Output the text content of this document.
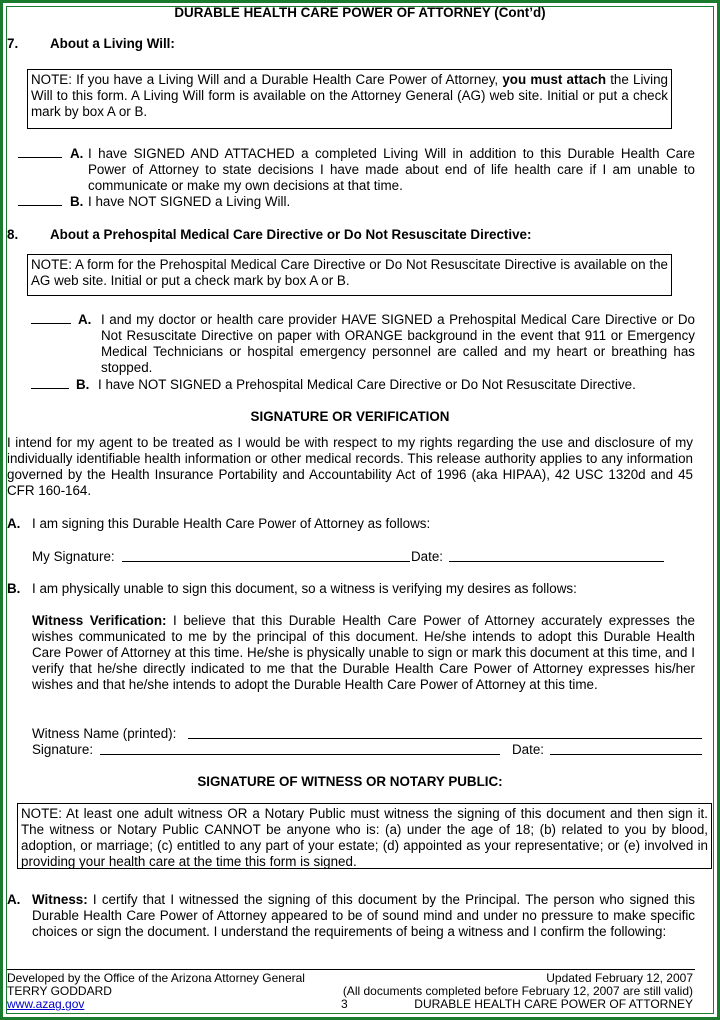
DURABLE HEALTH CARE POWER OF ATTORNEY (Cont’d)
7. About a Living Will:
NOTE: If you have a Living Will and a Durable Health Care Power of Attorney, you must attach the Living Will to this form. A Living Will form is available on the Attorney General (AG) web site. Initial or put a check mark by box A or B.
A. I have SIGNED AND ATTACHED a completed Living Will in addition to this Durable Health Care Power of Attorney to state decisions I have made about end of life health care if I am unable to communicate or make my own decisions at that time.
B. I have NOT SIGNED a Living Will.
8. About a Prehospital Medical Care Directive or Do Not Resuscitate Directive:
NOTE: A form for the Prehospital Medical Care Directive or Do Not Resuscitate Directive is available on the AG web site. Initial or put a check mark by box A or B.
A. I and my doctor or health care provider HAVE SIGNED a Prehospital Medical Care Directive or Do Not Resuscitate Directive on paper with ORANGE background in the event that 911 or Emergency Medical Technicians or hospital emergency personnel are called and my heart or breathing has stopped.
B. I have NOT SIGNED a Prehospital Medical Care Directive or Do Not Resuscitate Directive.
SIGNATURE OR VERIFICATION
I intend for my agent to be treated as I would be with respect to my rights regarding the use and disclosure of my individually identifiable health information or other medical records. This release authority applies to any information governed by the Health Insurance Portability and Accountability Act of 1996 (aka HIPAA), 42 USC 1320d and 45 CFR 160-164.
A. I am signing this Durable Health Care Power of Attorney as follows:
My Signature:	Date:
B. I am physically unable to sign this document, so a witness is verifying my desires as follows:
Witness Verification: I believe that this Durable Health Care Power of Attorney accurately expresses the wishes communicated to me by the principal of this document. He/she intends to adopt this Durable Health Care Power of Attorney at this time. He/she is physically unable to sign or mark this document at this time, and I verify that he/she directly indicated to me that the Durable Health Care Power of Attorney expresses his/her wishes and that he/she intends to adopt the Durable Health Care Power of Attorney at this time.
Witness Name (printed):
Signature:	Date:
SIGNATURE OF WITNESS OR NOTARY PUBLIC:
NOTE: At least one adult witness OR a Notary Public must witness the signing of this document and then sign it. The witness or Notary Public CANNOT be anyone who is: (a) under the age of 18; (b) related to you by blood, adoption, or marriage; (c) entitled to any part of your estate; (d) appointed as your representative; or (e) involved in providing your health care at the time this form is signed.
A. Witness: I certify that I witnessed the signing of this document by the Principal. The person who signed this Durable Health Care Power of Attorney appeared to be of sound mind and under no pressure to make specific choices or sign the document. I understand the requirements of being a witness and I confirm the following:
Developed by the Office of the Arizona Attorney General
TERRY GODDARD
www.azag.gov	3
Updated February 12, 2007
(All documents completed before February 12, 2007 are still valid)
DURABLE HEALTH CARE POWER OF ATTORNEY
